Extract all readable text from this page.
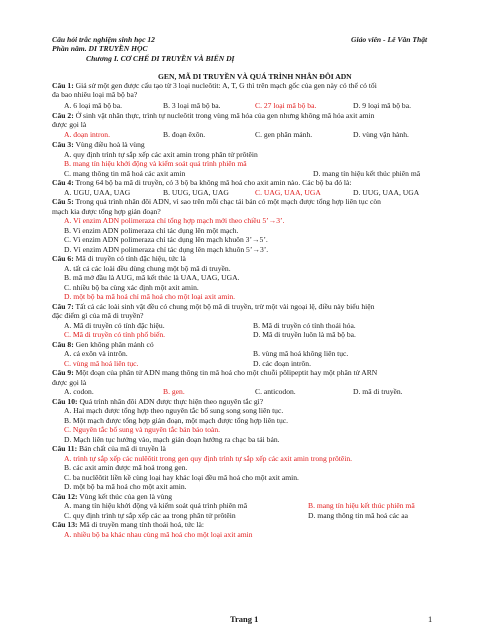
Câu hỏi trắc nghiệm sinh học 12	Giáo viên - Lê Văn Thật
Phần năm. DI TRUYỀN HỌC
Chương I. CƠ CHẾ DI TRUYỀN VÀ BIẾN DỊ
GEN, MÃ DI TRUYỀN VÀ QUÁ TRÌNH NHÂN ĐÔI ADN
Câu 1: Giả sử một gen được cấu tạo từ 3 loại nucleôtit: A, T, G thì trên mạch gốc của gen này có thể có tối
đa bao nhiêu loại mã bộ ba?
A. 6 loại mã bộ ba.	B. 3 loại mã bộ ba.	C. 27 loại mã bộ ba.	D. 9 loại mã bộ ba.
Câu 2: Ở sinh vật nhân thực, trình tự nucleôtit trong vùng mã hóa của gen nhưng không mã hóa axit amin
được gọi là
A. đoạn intron.	B. đoạn êxôn.	C. gen phân mảnh.	D. vùng vận hành.
Câu 3: Vùng điều hoà là vùng
A. quy định trình tự sắp xếp các axit amin trong phân tử prôtêin
B. mang tín hiệu khởi động và kiểm soát quá trình phiên mã
C. mang thông tin mã hoá các axit amin	D. mang tín hiệu kết thúc phiên mã
Câu 4: Trong 64 bộ ba mã di truyền, có 3 bộ ba không mã hoá cho axit amin nào. Các bộ ba đó là:
A. UGU, UAA, UAG	B. UUG, UGA, UAG	C. UAG, UAA, UGA	D. UUG, UAA, UGA
Câu 5: Trong quá trình nhân đôi ADN, vì sao trên mỗi chạc tái bản có một mạch được tổng hợp liên tục còn
mạch kia được tổng hợp gián đoạn?
A. Vì enzim ADN polimeraza chỉ tổng hợp mạch mới theo chiều 5’→3’.
B. Vì enzim ADN polimeraza chỉ tác dụng lên một mạch.
C. Vì enzim ADN polimeraza chỉ tác dụng lên mạch khuôn 3’→5’.
D. Vì enzim ADN polimeraza chỉ tác dụng lên mạch khuôn 5’→3’.
Câu 6: Mã di truyền có tính đặc hiệu, tức là
A. tất cả các loài đều dùng chung một bộ mã di truyền.
B. mã mở đầu là AUG, mã kết thúc là UAA, UAG, UGA.
C. nhiều bộ ba cùng xác định một axit amin.
D. một bộ ba mã hoá chỉ mã hoá cho một loại axit amin.
Câu 7: Tất cả các loài sinh vật đều có chung một bộ mã di truyền, trừ một vài ngoại lệ, điều này biểu hiện
đặc điểm gì của mã di truyền?
A. Mã di truyền có tính đặc hiệu.	B. Mã di truyền có tính thoái hóa.
C. Mã di truyền có tính phổ biến.	D. Mã di truyền luôn là mã bộ ba.
Câu 8: Gen không phân mảnh có
A. cả exôn và intrôn.	B. vùng mã hoá không liên tục.
C. vùng mã hoá liên tục.	D. các đoạn intrôn.
Câu 9: Một đoạn của phân tử ADN mang thông tin mã hoá cho một chuỗi pôlipeptit hay một phân tử ARN
được gọi là
A. codon.	B. gen.	C. anticodon.	D. mã di truyền.
Câu 10: Quá trình nhân đôi ADN được thực hiện theo nguyên tắc gì?
A. Hai mạch được tổng hợp theo nguyên tắc bổ sung song song liên tục.
B. Một mạch được tổng hợp gián đoạn, một mạch được tổng hợp liên tục.
C. Nguyên tắc bổ sung và nguyên tắc bán bảo toàn.
D. Mạch liên tục hướng vào, mạch gián đoạn hướng ra chạc ba tái bản.
Câu 11: Bản chất của mã di truyền là
A. trình tự sắp xếp các nulêôtit trong gen quy định trình tự sắp xếp các axit amin trong prôtêin.
B. các axit amin được mã hoá trong gen.
C. ba nuclêôtit liền kề cùng loại hay khác loại đều mã hoá cho một axit amin.
D. một bộ ba mã hoá cho một axit amin.
Câu 12: Vùng kết thúc của gen là vùng
A. mang tín hiệu khởi động và kiểm soát quá trình phiên mã	B. mang tín hiệu kết thúc phiên mã
C. quy định trình tự sắp xếp các aa trong phân tử prôtêin	D. mang thông tin mã hoá các aa
Câu 13: Mã di truyền mang tính thoái hoá, tức là:
A. nhiều bộ ba khác nhau cùng mã hoá cho một loại axit amin
Trang 1	1
